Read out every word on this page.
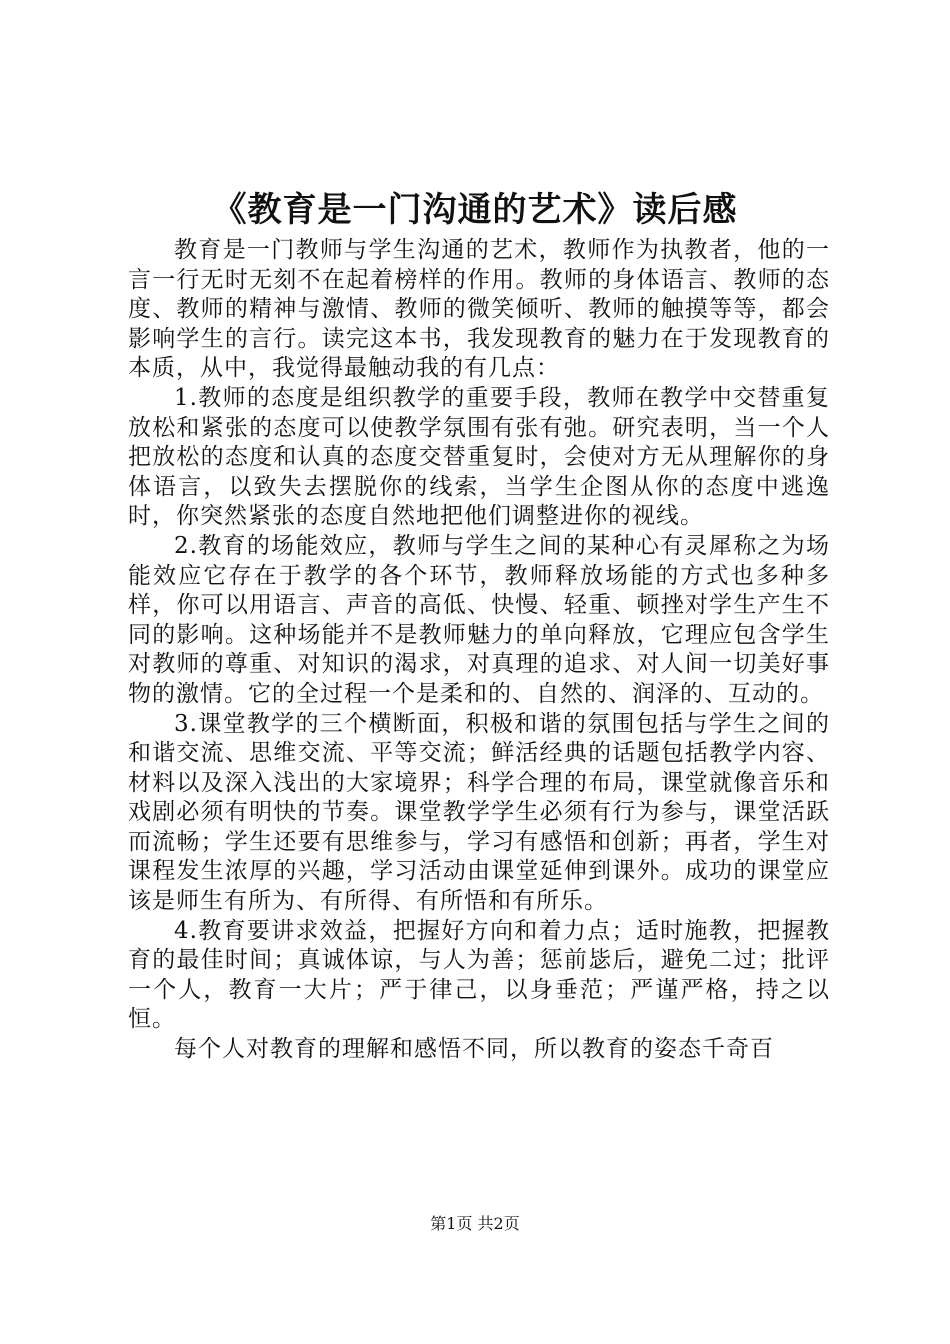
《教育是一门沟通的艺术》读后感

教育是一门教师与学生沟通的艺术，教师作为执教者，他的一言一行无时无刻不在起着榜样的作用。教师的身体语言、教师的态度、教师的精神与激情、教师的微笑倾听、教师的触摸等等，都会影响学生的言行。读完这本书，我发现教育的魅力在于发现教育的本质，从中，我觉得最触动我的有几点：

1.教师的态度是组织教学的重要手段，教师在教学中交替重复放松和紧张的态度可以使教学氛围有张有弛。研究表明，当一个人把放松的态度和认真的态度交替重复时，会使对方无从理解你的身体语言，以致失去摆脱你的线索，当学生企图从你的态度中逃逸时，你突然紧张的态度自然地把他们调整进你的视线。

2.教育的场能效应，教师与学生之间的某种心有灵犀称之为场能效应它存在于教学的各个环节，教师释放场能的方式也多种多样，你可以用语言、声音的高低、快慢、轻重、顿挫对学生产生不同的影响。这种场能并不是教师魅力的单向释放，它理应包含学生对教师的尊重、对知识的渴求，对真理的追求、对人间一切美好事物的激情。它的全过程一个是柔和的、自然的、润泽的、互动的。

3.课堂教学的三个横断面，积极和谐的氛围包括与学生之间的和谐交流、思维交流、平等交流；鲜活经典的话题包括教学内容、材料以及深入浅出的大家境界；科学合理的布局，课堂就像音乐和戏剧必须有明快的节奏。课堂教学学生必须有行为参与，课堂活跃而流畅；学生还要有思维参与，学习有感悟和创新；再者，学生对课程发生浓厚的兴趣，学习活动由课堂延伸到课外。成功的课堂应该是师生有所为、有所得、有所悟和有所乐。

4.教育要讲求效益，把握好方向和着力点；适时施教，把握教育的最佳时间；真诚体谅，与人为善；惩前毖后，避免二过；批评一个人，教育一大片；严于律己，以身垂范；严谨严格，持之以恒。

每个人对教育的理解和感悟不同，所以教育的姿态千奇百

第1页 共2页
